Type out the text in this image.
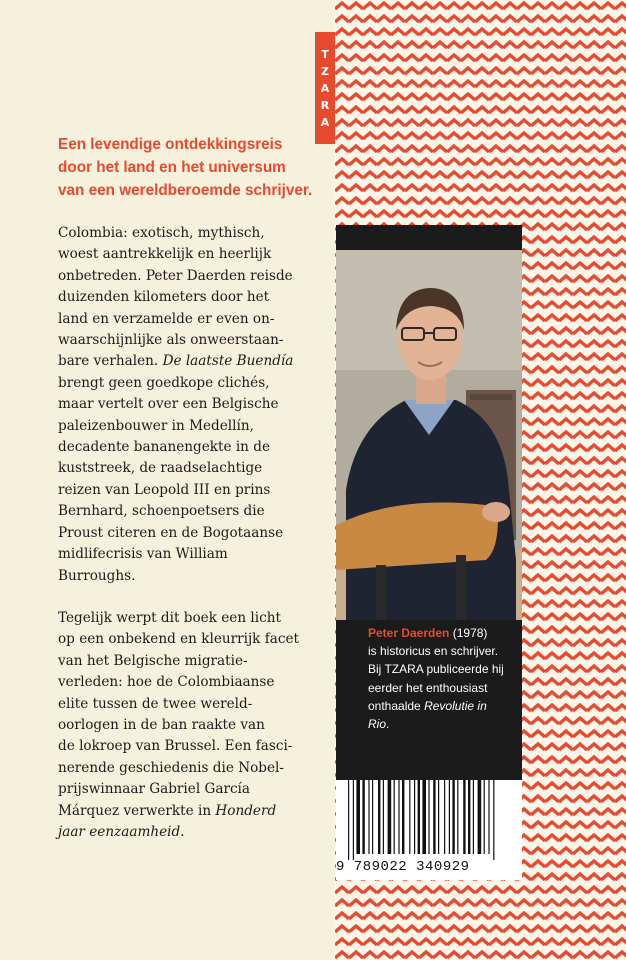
T
Z
A
R
A
Een levendige ontdekkingsreis
door het land en het universum
van een wereldberoemde schrijver.
Colombia: exotisch, mythisch,
woest aantrekkelijk en heerlijk
onbetreden. Peter Daerden reisde
duizenden kilometers door het
land en verzamelde er even on-
waarschijnlijke als onweerstaan-
bare verhalen. De laatste Buendía
brengt geen goedkope clichés,
maar vertelt over een Belgische
paleizenbouwer in Medellín,
decadente bananengekte in de
kuststreek, de raadselachtige
reizen van Leopold III en prins
Bernhard, schoenpoetsers die
Proust citeren en de Bogotaanse
midlifecrisis van William
Burroughs.
Tegelijk werpt dit boek een licht
op een onbekend en kleurrijk facet
van het Belgische migratie-
verleden: hoe de Colombiaanse
elite tussen de twee wereld-
oorlogen in de ban raakte van
de lokroep van Brussel. Een fasci-
nerende geschiedenis die Nobel-
prijswinnaar Gabriel García
Márquez verwerkte in Honderd
jaar eenzaamheid.
Peter Daerden (1978)
is historicus en schrijver.
Bij TZARA publiceerde hij
eerder het enthousiast
onthaalde Revolutie in
Rio.
9 789022 340929
